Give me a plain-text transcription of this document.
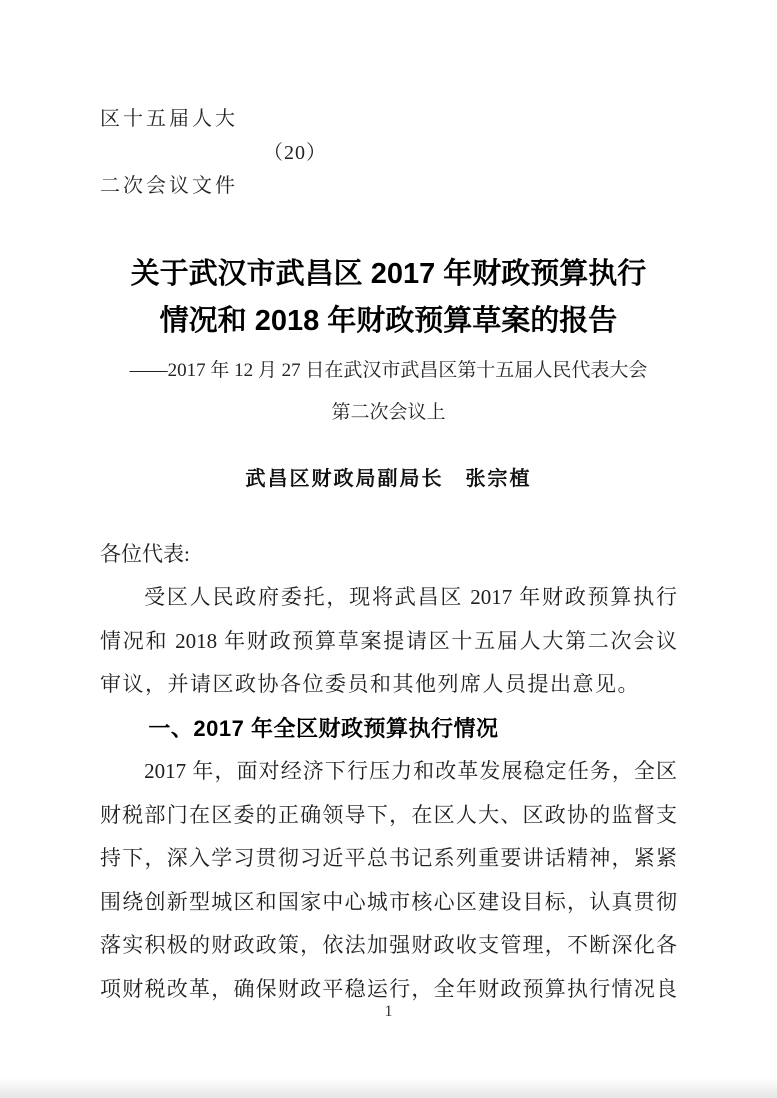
区十五届人大
（20）
二次会议文件
关于武汉市武昌区 2017 年财政预算执行
情况和 2018 年财政预算草案的报告
——2017 年 12 月 27 日在武汉市武昌区第十五届人民代表大会
第二次会议上
武昌区财政局副局长　张宗植
各位代表:
受区人民政府委托，现将武昌区 2017 年财政预算执行
情况和 2018 年财政预算草案提请区十五届人大第二次会议
审议，并请区政协各位委员和其他列席人员提出意见。
一、2017 年全区财政预算执行情况
2017 年，面对经济下行压力和改革发展稳定任务，全区
财税部门在区委的正确领导下，在区人大、区政协的监督支
持下，深入学习贯彻习近平总书记系列重要讲话精神，紧紧
围绕创新型城区和国家中心城市核心区建设目标，认真贯彻
落实积极的财政政策，依法加强财政收支管理，不断深化各
项财税改革，确保财政平稳运行，全年财政预算执行情况良
1
